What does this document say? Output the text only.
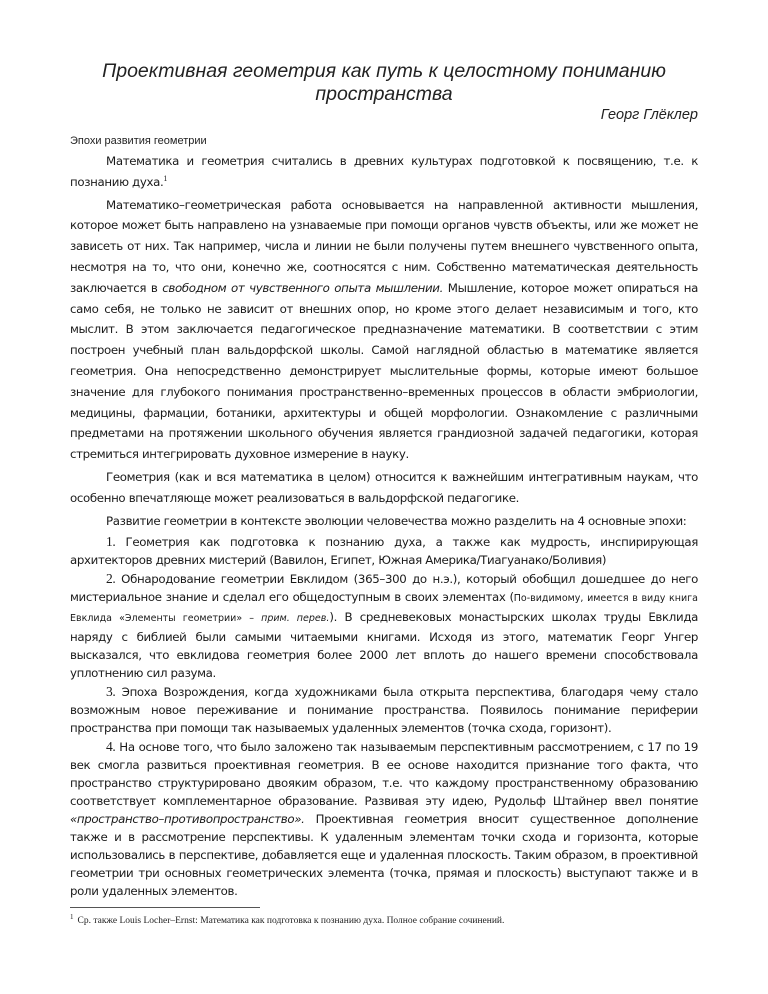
Проективная геометрия как путь к целостному пониманию
пространства
Георг Глёклер
Эпохи развития геометрии

Математика и геометрия считались в древних культурах подготовкой к посвящению, т.е. к познанию духа.$^1$

Математико–геометрическая работа основывается на направленной активности мышления, которое может быть направлено на узнаваемые при помощи органов чувств объекты, или же может не зависеть от них. Так например, числа и линии не были получены путем внешнего чувственного опыта, несмотря на то, что они, конечно же, соотносятся с ним. Собственно математическая деятельность заключается в свободном от чувственного опыта мышлении. Мышление, которое может опираться на само себя, не только не зависит от внешних опор, но кроме этого делает независимым и того, кто мыслит. В этом заключается педагогическое предназначение математики. В соответствии с этим построен учебный план вальдорфской школы. Самой наглядной областью в математике является геометрия. Она непосредственно демонстрирует мыслительные формы, которые имеют большое значение для глубокого понимания пространственно–временных процессов в области эмбриологии, медицины, фармации, ботаники, архитектуры и общей морфологии. Ознакомление с различными предметами на протяжении школьного обучения является грандиозной задачей педагогики, которая стремиться интегрировать духовное измерение в науку.

Геометрия (как и вся математика в целом) относится к важнейшим интегративным наукам, что особенно впечатляюще может реализоваться в вальдорфской педагогике.

Развитие геометрии в контексте эволюции человечества можно разделить на 4 основные эпохи:

1. Геометрия как подготовка к познанию духа, а также как мудрость, инспирирующая архитекторов древних мистерий (Вавилон, Египет, Южная Америка/Тиагуанако/Боливия)

2. Обнародование геометрии Евклидом (365–300 до н.э.), который обобщил дошедшее до него мистериальное знание и сделал его общедоступным в своих элементах (По-видимому, имеется в виду книга Евклида «Элементы геометрии» – прим. перев.). В средневековых монастырских школах труды Евклида наряду с библией были самыми читаемыми книгами. Исходя из этого, математик Георг Унгер высказался, что евклидова геометрия более 2000 лет вплоть до нашего времени способствовала уплотнению сил разума.

3. Эпоха Возрождения, когда художниками была открыта перспектива, благодаря чему стало возможным новое переживание и понимание пространства. Появилось понимание периферии пространства при помощи так называемых удаленных элементов (точка схода, горизонт).

4. На основе того, что было заложено так называемым перспективным рассмотрением, с 17 по 19 век смогла развиться проективная геометрия. В ее основе находится признание того факта, что пространство структурировано двояким образом, т.е. что каждому пространственному образованию соответствует комплементарное образование. Развивая эту идею, Рудольф Штайнер ввел понятие «пространство–противопространство». Проективная геометрия вносит существенное дополнение также и в рассмотрение перспективы. К удаленным элементам точки схода и горизонта, которые использовались в перспективе, добавляется еще и удаленная плоскость. Таким образом, в проективной геометрии три основных геометрических элемента (точка, прямая и плоскость) выступают также и в роли удаленных элементов.

$^1$ Ср. также Louis Locher–Ernst: Математика как подготовка к познанию духа. Полное собрание сочинений.
